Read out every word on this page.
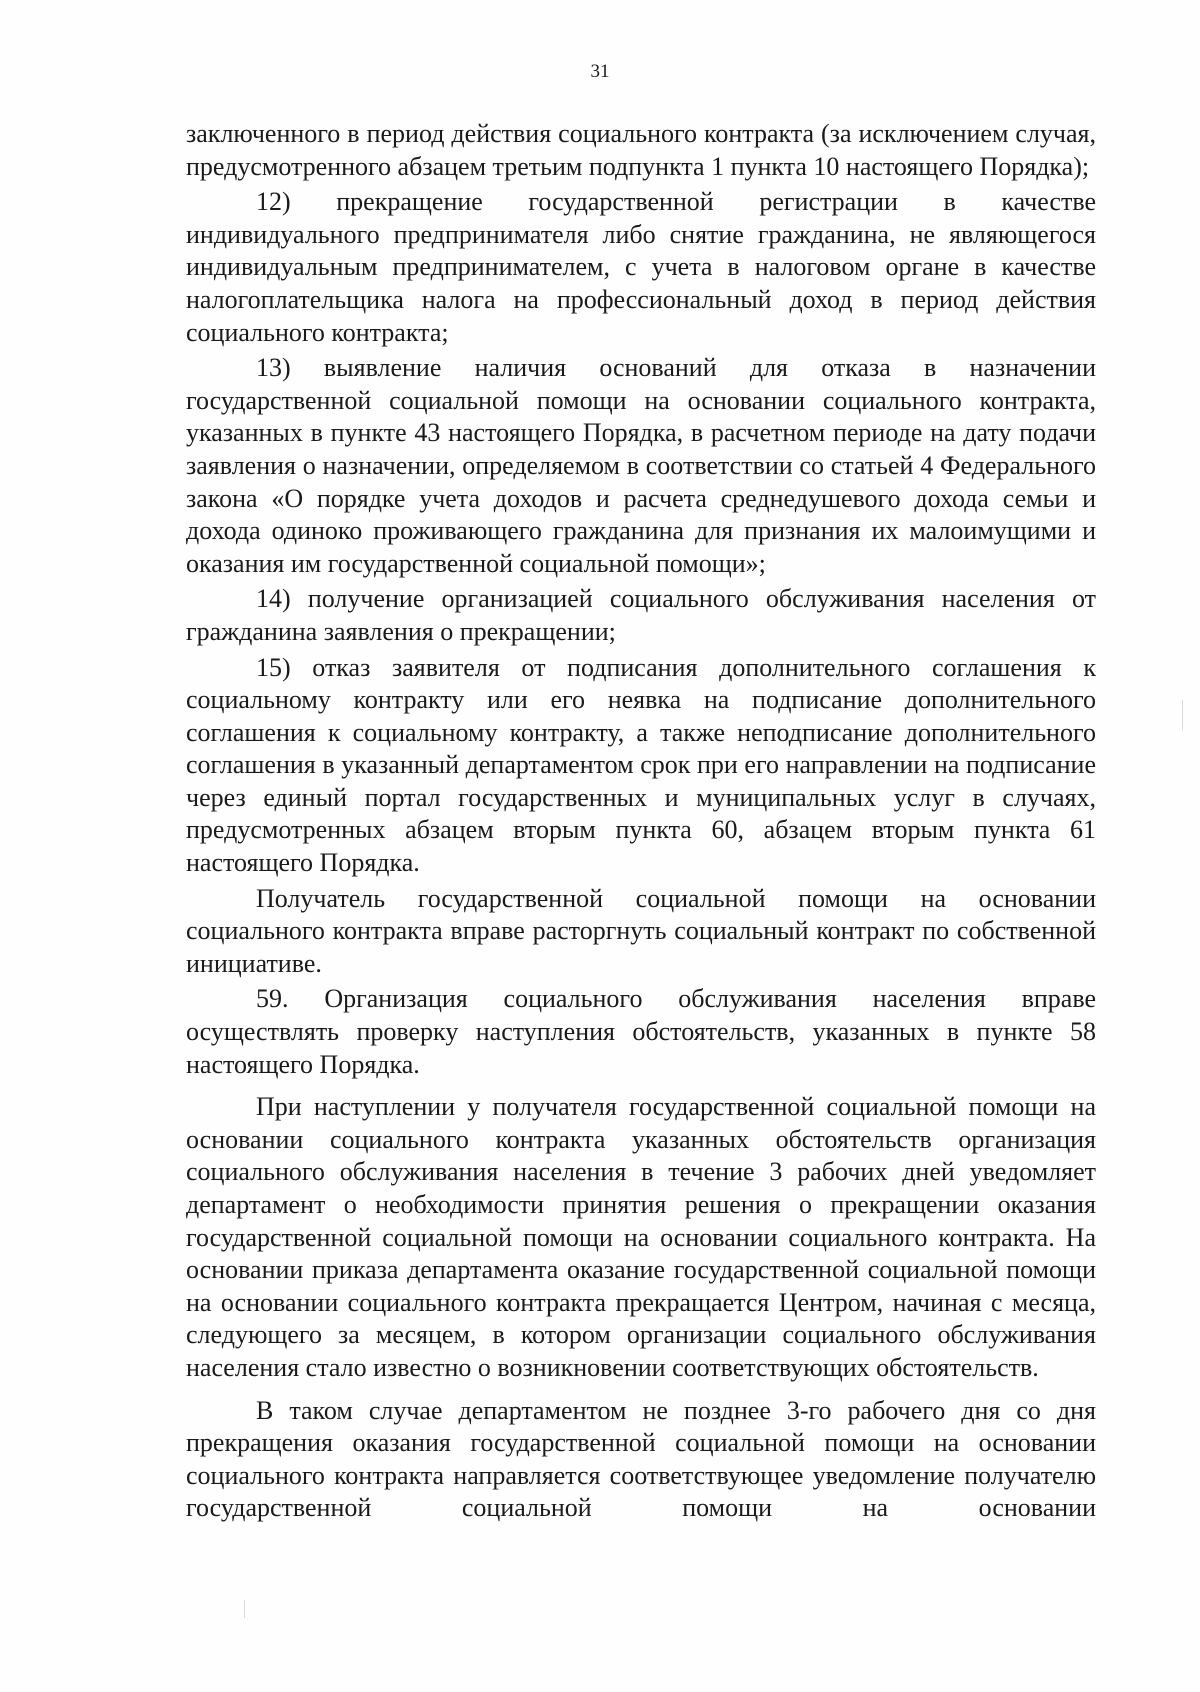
31

заключенного в период действия социального контракта (за исключением случая, предусмотренного абзацем третьим подпункта 1 пункта 10 настоящего Порядка);

12) прекращение государственной регистрации в качестве индивидуального предпринимателя либо снятие гражданина, не являющегося индивидуальным предпринимателем, с учета в налоговом органе в качестве налогоплательщика налога на профессиональный доход в период действия социального контракта;

13) выявление наличия оснований для отказа в назначении государственной социальной помощи на основании социального контракта, указанных в пункте 43 настоящего Порядка, в расчетном периоде на дату подачи заявления о назначении, определяемом в соответствии со статьей 4 Федерального закона «О порядке учета доходов и расчета среднедушевого дохода семьи и дохода одиноко проживающего гражданина для признания их малоимущими и оказания им государственной социальной помощи»;

14) получение организацией социального обслуживания населения от гражданина заявления о прекращении;

15) отказ заявителя от подписания дополнительного соглашения к социальному контракту или его неявка на подписание дополнительного соглашения к социальному контракту, а также неподписание дополнительного соглашения в указанный департаментом срок при его направлении на подписание через единый портал государственных и муниципальных услуг в случаях, предусмотренных абзацем вторым пункта 60, абзацем вторым пункта 61 настоящего Порядка.

Получатель государственной социальной помощи на основании социального контракта вправе расторгнуть социальный контракт по собственной инициативе.

59. Организация социального обслуживания населения вправе осуществлять проверку наступления обстоятельств, указанных в пункте 58 настоящего Порядка.

При наступлении у получателя государственной социальной помощи на основании социального контракта указанных обстоятельств организация социального обслуживания населения в течение 3 рабочих дней уведомляет департамент о необходимости принятия решения о прекращении оказания государственной социальной помощи на основании социального контракта. На основании приказа департамента оказание государственной социальной помощи на основании социального контракта прекращается Центром, начиная с месяца, следующего за месяцем, в котором организации социального обслуживания населения стало известно о возникновении соответствующих обстоятельств.

В таком случае департаментом не позднее 3-го рабочего дня со дня прекращения оказания государственной социальной помощи на основании социального контракта направляется соответствующее уведомление получателю государственной социальной помощи на основании
